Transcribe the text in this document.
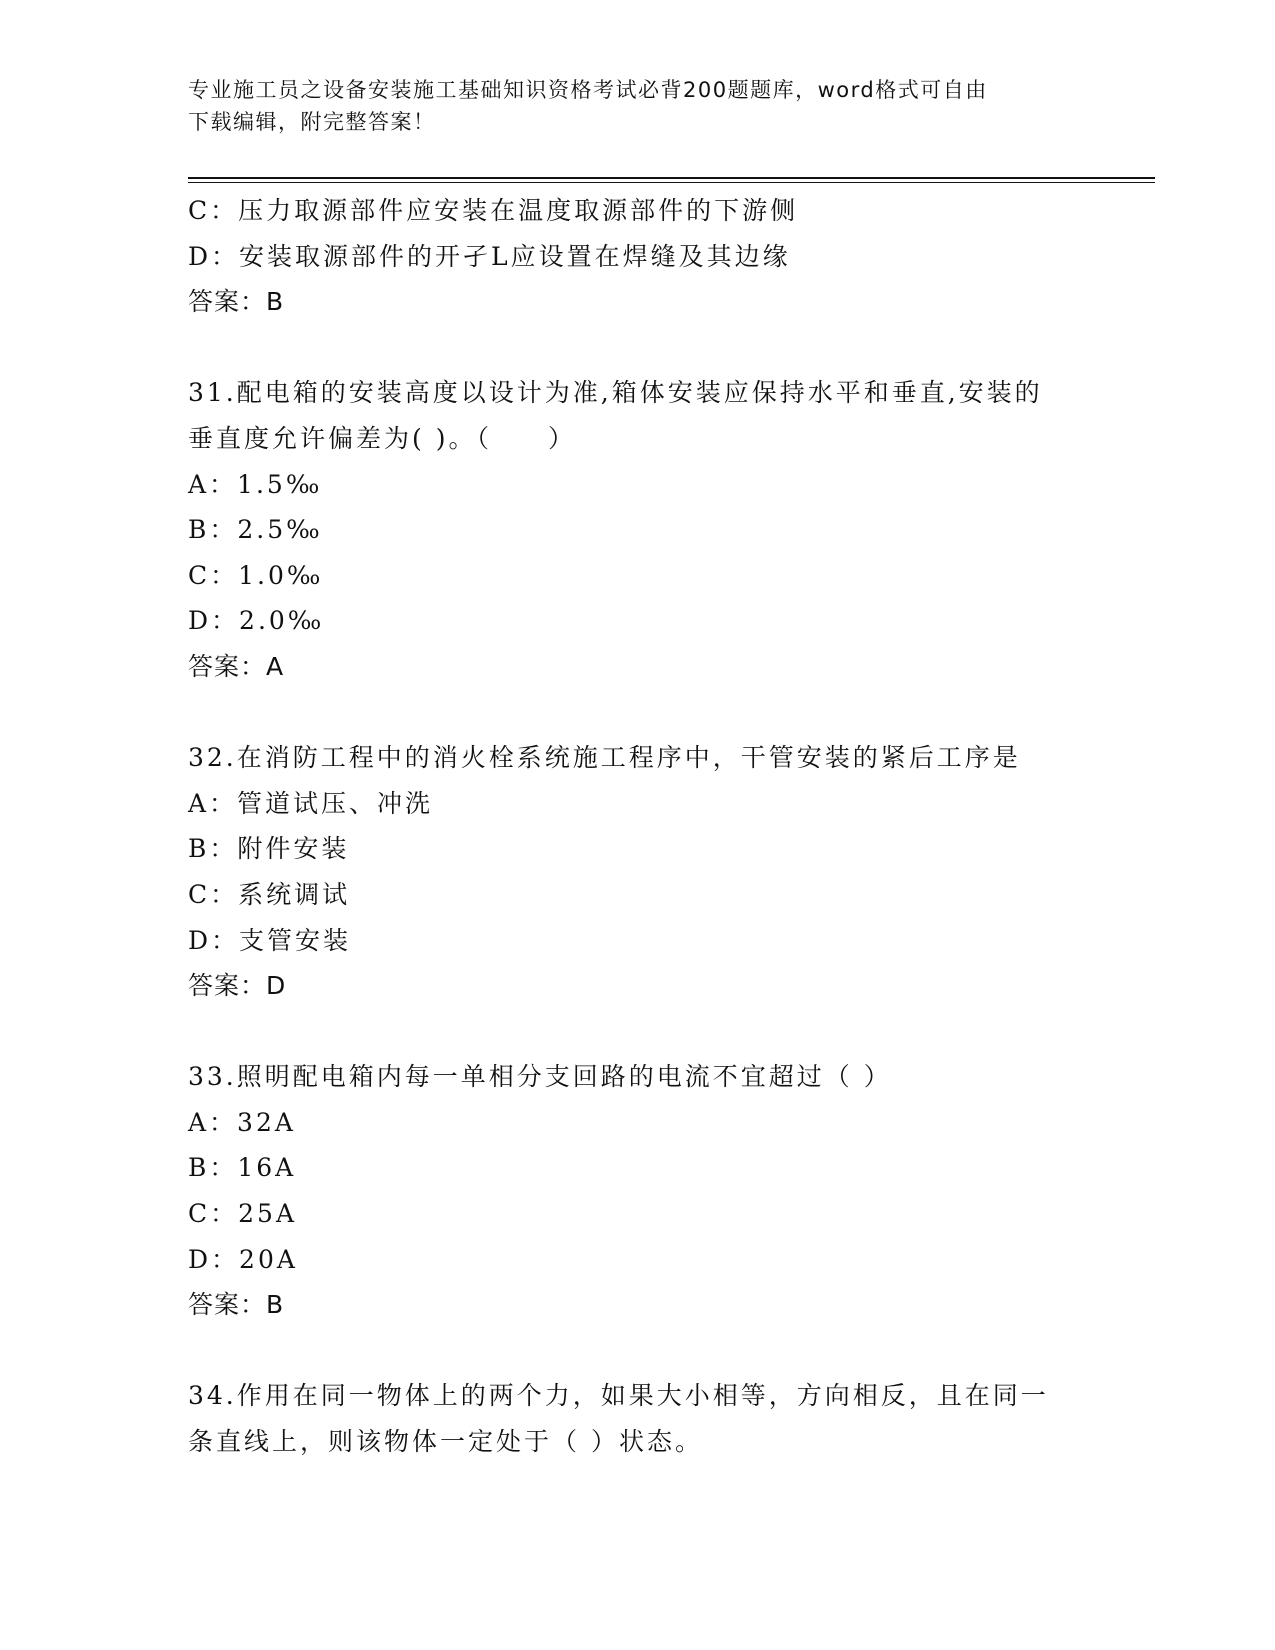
专业施工员之设备安装施工基础知识资格考试必背200题题库，word格式可自由
下载编辑，附完整答案！
C：压力取源部件应安装在温度取源部件的下游侧
D：安装取源部件的开孑L应设置在焊缝及其边缘
答案：B
31.配电箱的安装高度以设计为准,箱体安装应保持水平和垂直,安装的
垂直度允许偏差为( )。（　　）
A：1.5‰
B：2.5‰
C：1.0‰
D：2.0‰
答案：A
32.在消防工程中的消火栓系统施工程序中，干管安装的紧后工序是
A：管道试压、冲洗
B：附件安装
C：系统调试
D：支管安装
答案：D
33.照明配电箱内每一单相分支回路的电流不宜超过（ ）
A：32A
B：16A
C：25A
D：20A
答案：B
34.作用在同一物体上的两个力，如果大小相等，方向相反，且在同一
条直线上，则该物体一定处于（ ）状态。
